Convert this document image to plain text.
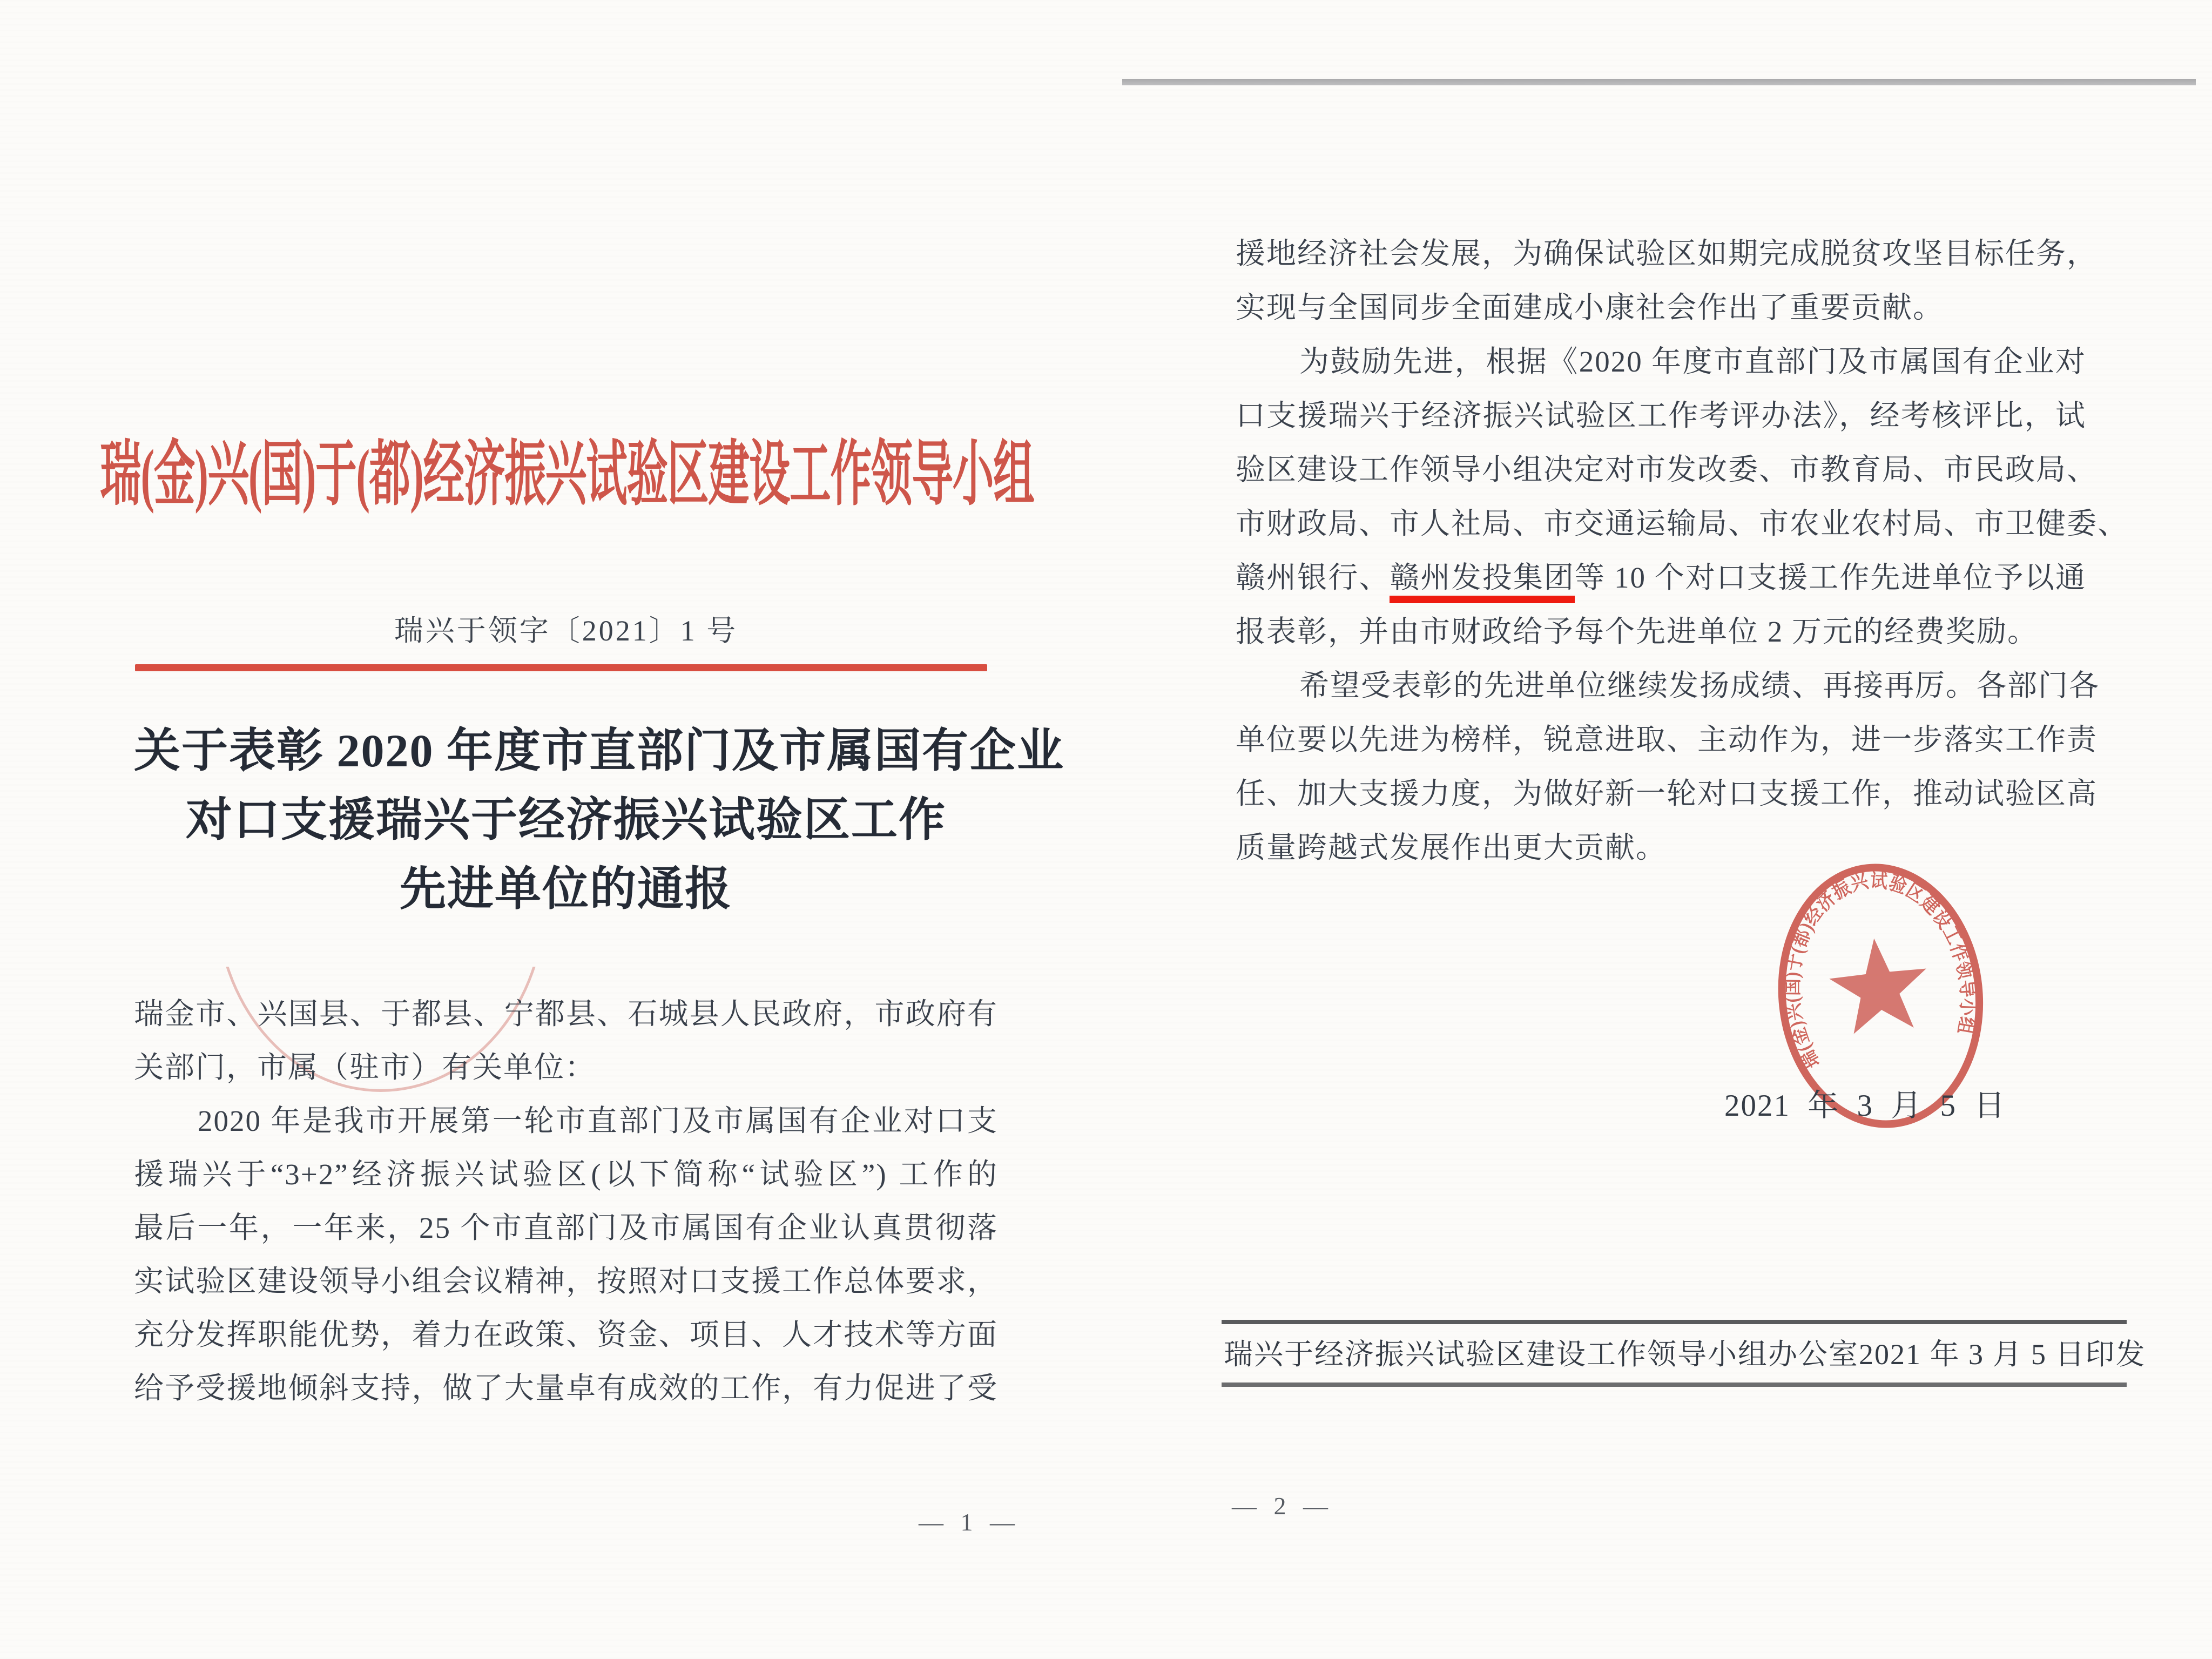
瑞(金)兴(国)于(都)经济振兴试验区建设工作领导小组
瑞兴于领字〔2021〕1 号
关于表彰 2020 年度市直部门及市属国有企业
对口支援瑞兴于经济振兴试验区工作
先进单位的通报
瑞金市、兴国县、于都县、宁都县、石城县人民政府，市政府有
关部门，市属（驻市）有关单位：
2020 年是我市开展第一轮市直部门及市属国有企业对口支
援瑞兴于“3+2”经济振兴试验区(以下简称“试验区”) 工作的
最后一年，一年来，25 个市直部门及市属国有企业认真贯彻落
实试验区建设领导小组会议精神，按照对口支援工作总体要求，
充分发挥职能优势，着力在政策、资金、项目、人才技术等方面
给予受援地倾斜支持，做了大量卓有成效的工作，有力促进了受
— 1 —
援地经济社会发展，为确保试验区如期完成脱贫攻坚目标任务，
实现与全国同步全面建成小康社会作出了重要贡献。
为鼓励先进，根据《2020 年度市直部门及市属国有企业对
口支援瑞兴于经济振兴试验区工作考评办法》，经考核评比，试
验区建设工作领导小组决定对市发改委、市教育局、市民政局、
市财政局、市人社局、市交通运输局、市农业农村局、市卫健委、
赣州银行、赣州发投集团等 10 个对口支援工作先进单位予以通
报表彰，并由市财政给予每个先进单位 2 万元的经费奖励。
希望受表彰的先进单位继续发扬成绩、再接再厉。各部门各
单位要以先进为榜样，锐意进取、主动作为，进一步落实工作责
任、加大支援力度，为做好新一轮对口支援工作，推动试验区高
质量跨越式发展作出更大贡献。
瑞(金)兴(国)于(都)经济振兴试验区建设工作领导小组
2021 年 3 月 5 日
瑞兴于经济振兴试验区建设工作领导小组办公室 2021 年 3 月 5 日印发
— 2 —
